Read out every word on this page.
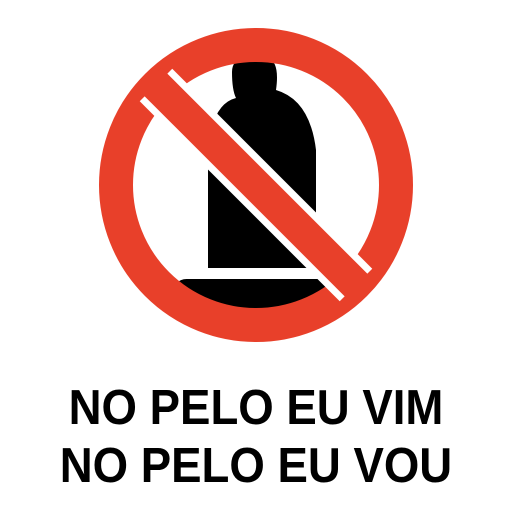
NO PELO EU VIM
NO PELO EU VOU
